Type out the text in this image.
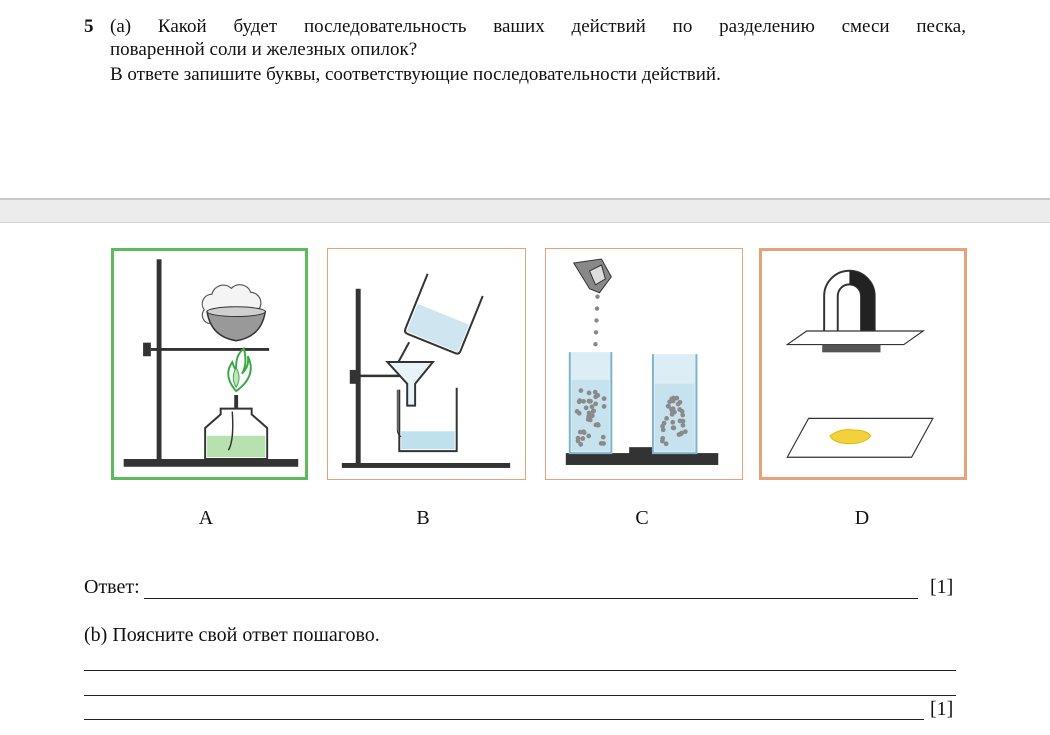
5 (a) Какой будет последовательность ваших действий по разделению смеси песка,
поваренной соли и железных опилок?
В ответе запишите буквы, соответствующие последовательности действий.
A	B	C	D
Ответ:	[1]
(b) Поясните свой ответ пошагово.
[1]
